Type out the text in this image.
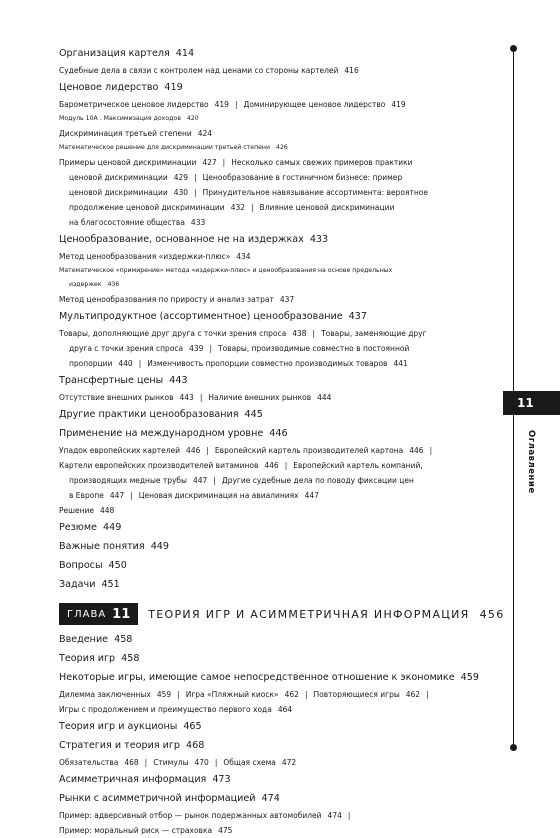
Организация картеля 414
Судебные дела в связи с контролем над ценами со стороны картелей 416
Ценовое лидерство 419
Барометрическое ценовое лидерство 419 | Доминирующее ценовое лидерство 419
Модуль 10А . Максимизация доходов 420
Дискриминация третьей степени 424
Математическое решение для дискриминации третьей степени 426
Примеры ценовой дискриминации 427 | Несколько самых свежих примеров практики
ценовой дискриминации 429 | Ценообразование в гостиничном бизнесе: пример
ценовой дискриминации 430 | Принудительное навязывание ассортимента: вероятное
продолжение ценовой дискриминации 432 | Влияние ценовой дискриминации
на благосостояние общества 433
Ценообразование, основанное не на издержках 433
Метод ценообразования «издержки-плюс» 434
Математическое «примирение» метода «издержки-плюс» и ценообразования на основе предельных
издержек 436
Метод ценообразования по приросту и анализ затрат 437
Мультипродуктное (ассортиментное) ценообразование 437
Товары, дополняющие друг друга с точки зрения спроса 438 | Товары, заменяющие друг
друга с точки зрения спроса 439 | Товары, производимые совместно в постоянной
пропорции 440 | Изменчивость пропорции совместно производимых товаров 441
Трансфертные цены 443
Отсутствие внешних рынков 443 | Наличие внешних рынков 444
Другие практики ценообразования 445
Применение на международном уровне 446
Упадок европейских картелей 446 | Европейский картель производителей картона 446 |
Картели европейских производителей витаминов 446 | Европейский картель компаний,
производящих медные трубы 447 | Другие судебные дела по поводу фиксации цен
в Европе 447 | Ценовая дискриминация на авиалиниях 447
Решение 448
Резюме 449
Важные понятия 449
Вопросы 450
Задачи 451
ГЛАВА 11 ТЕОРИЯ ИГР И АСИММЕТРИЧНАЯ ИНФОРМАЦИЯ 456
Введение 458
Теория игр 458
Некоторые игры, имеющие самое непосредственное отношение к экономике 459
Дилемма заключенных 459 | Игра «Пляжный киоск» 462 | Повторяющиеся игры 462 |
Игры с продолжением и преимущество первого хода 464
Теория игр и аукционы 465
Стратегия и теория игр 468
Обязательства 468 | Стимулы 470 | Общая схема 472
Асимметричная информация 473
Рынки с асимметричной информацией 474
Пример: адверсивный отбор — рынок подержанных автомобилей 474 |
Пример: моральный риск — страховка 475
11
Оглавление
